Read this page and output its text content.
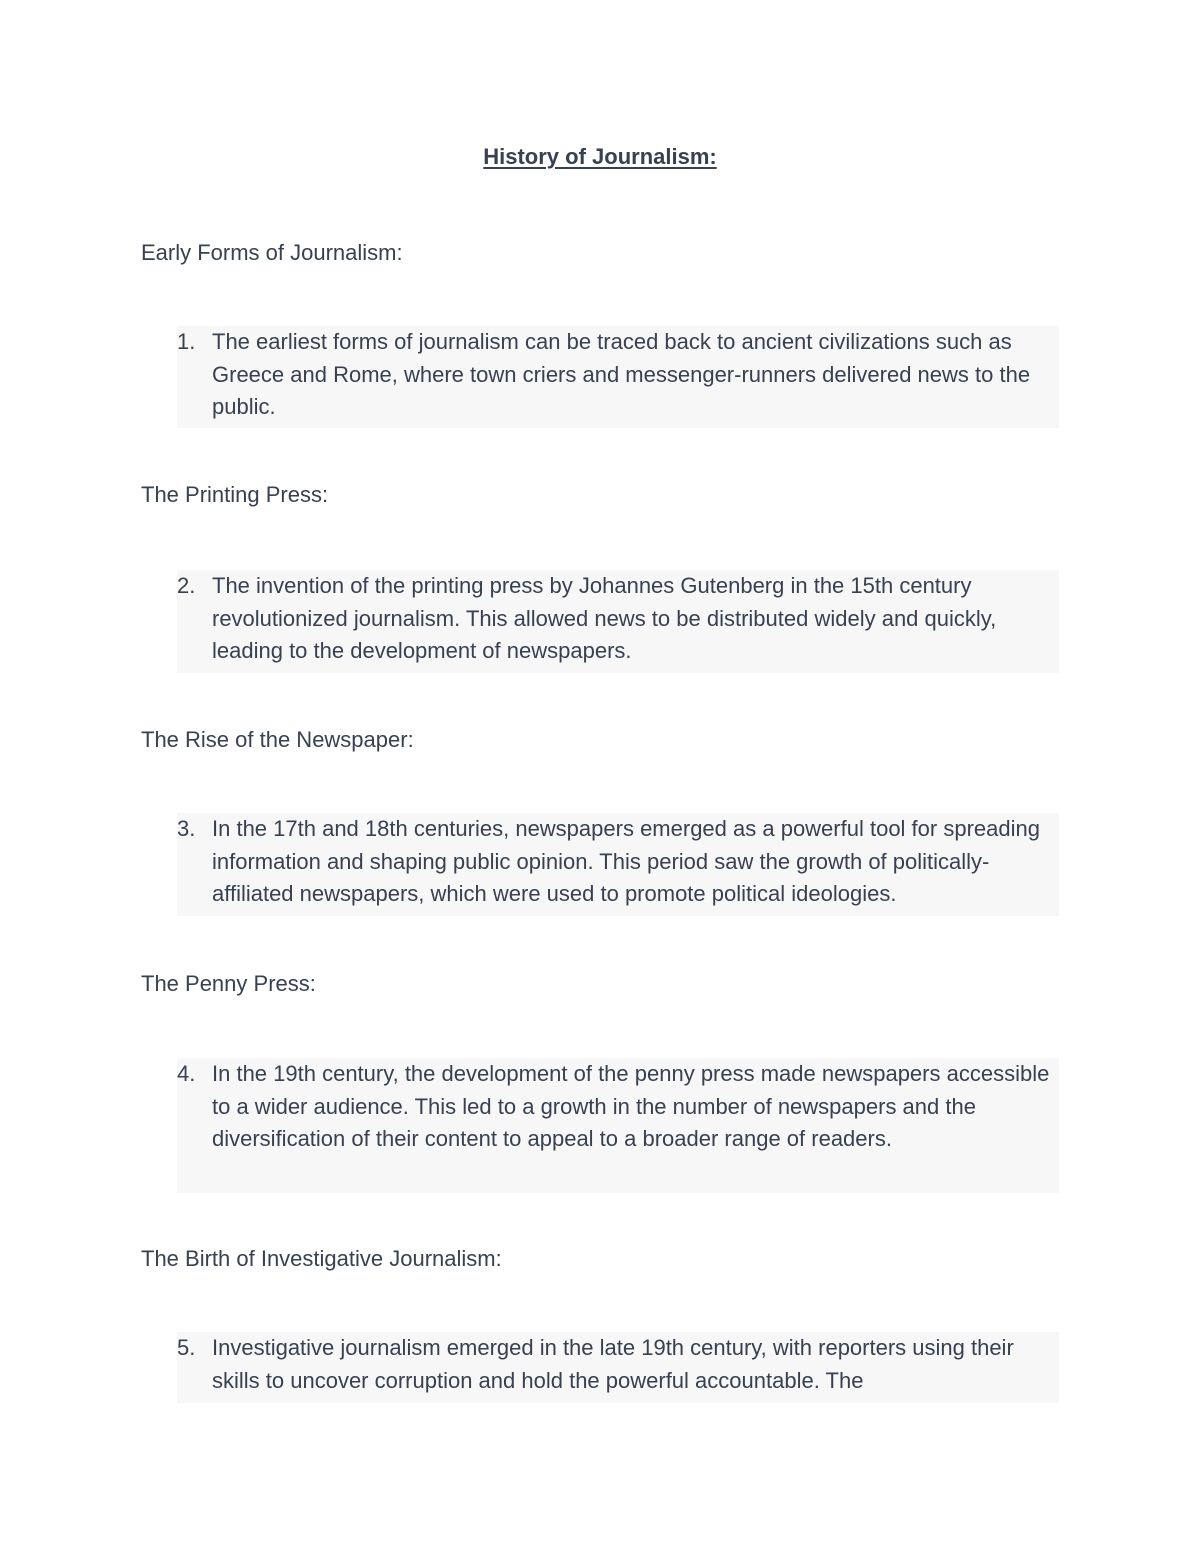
History of Journalism:
Early Forms of Journalism:
1. The earliest forms of journalism can be traced back to ancient civilizations such as Greece and Rome, where town criers and messenger-runners delivered news to the public.

The Printing Press:
2. The invention of the printing press by Johannes Gutenberg in the 15th century revolutionized journalism. This allowed news to be distributed widely and quickly, leading to the development of newspapers.

The Rise of the Newspaper:
3. In the 17th and 18th centuries, newspapers emerged as a powerful tool for spreading information and shaping public opinion. This period saw the growth of politically-affiliated newspapers, which were used to promote political ideologies.

The Penny Press:
4. In the 19th century, the development of the penny press made newspapers accessible to a wider audience. This led to a growth in the number of newspapers and the diversification of their content to appeal to a broader range of readers.

The Birth of Investigative Journalism:
5. Investigative journalism emerged in the late 19th century, with reporters using their skills to uncover corruption and hold the powerful accountable. The
